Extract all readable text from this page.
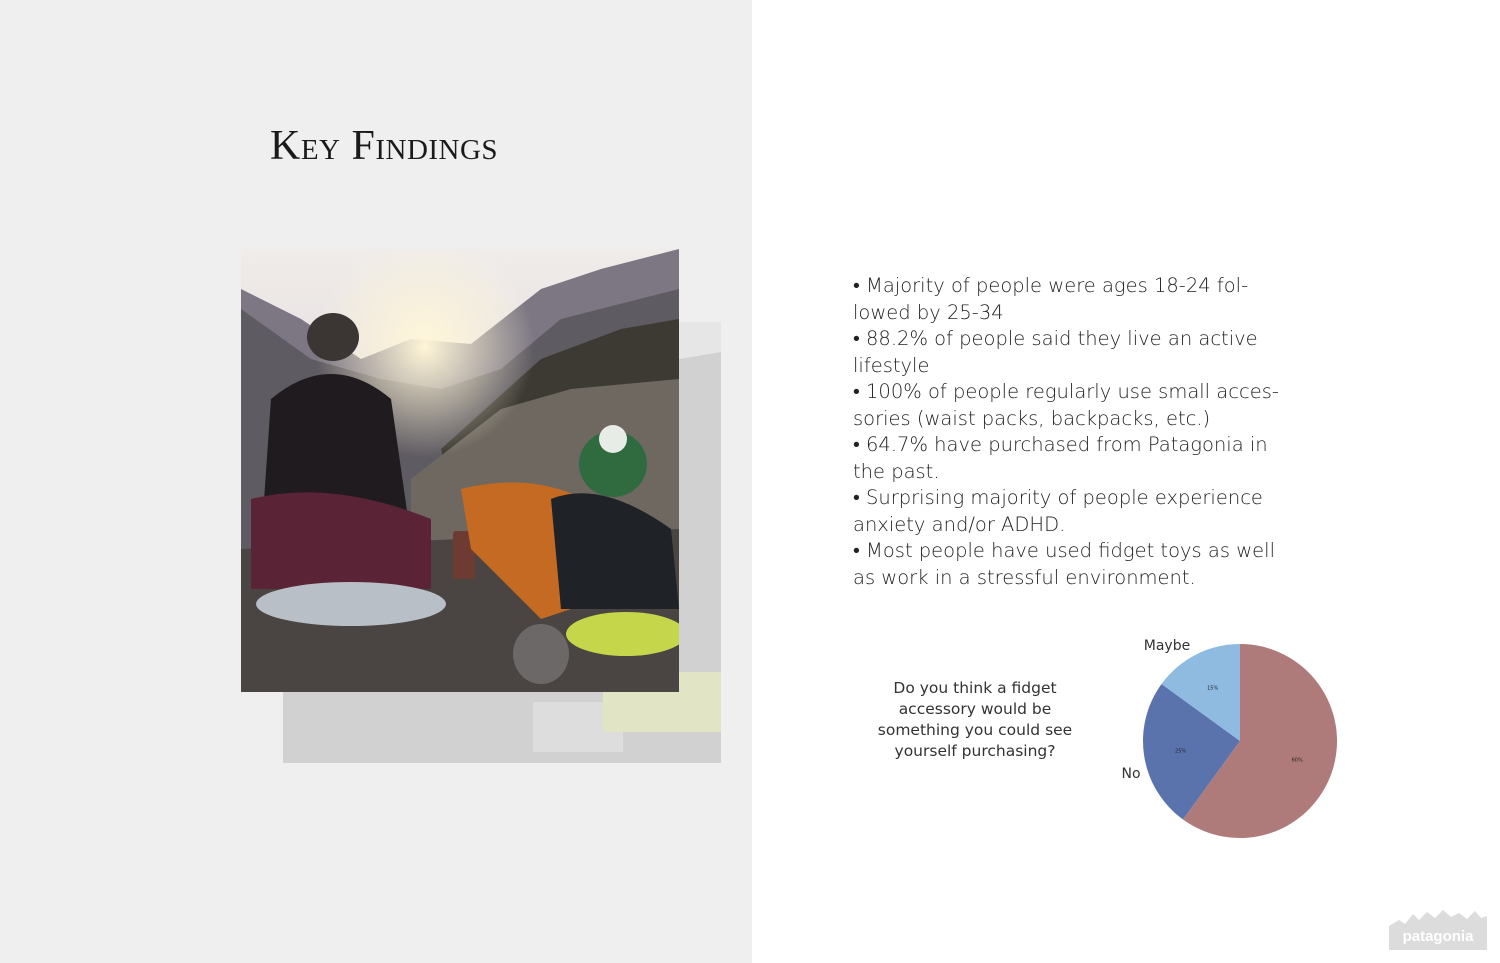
Key Findings
• Majority of people were ages 18-24 fol-lowed by 25-34
• 88.2% of people said they live an active lifestyle
• 100% of people regularly use small acces-sories (waist packs, backpacks, etc.)
• 64.7% have purchased from Patagonia in the past.
• Surprising majority of people experience anxiety and/or ADHD.
• Most people have used fidget toys as well as work in a stressful environment.
Do you think a fidget accessory would be something you could see yourself purchasing?
60%
25%
No
15%
Maybe
patagonia
